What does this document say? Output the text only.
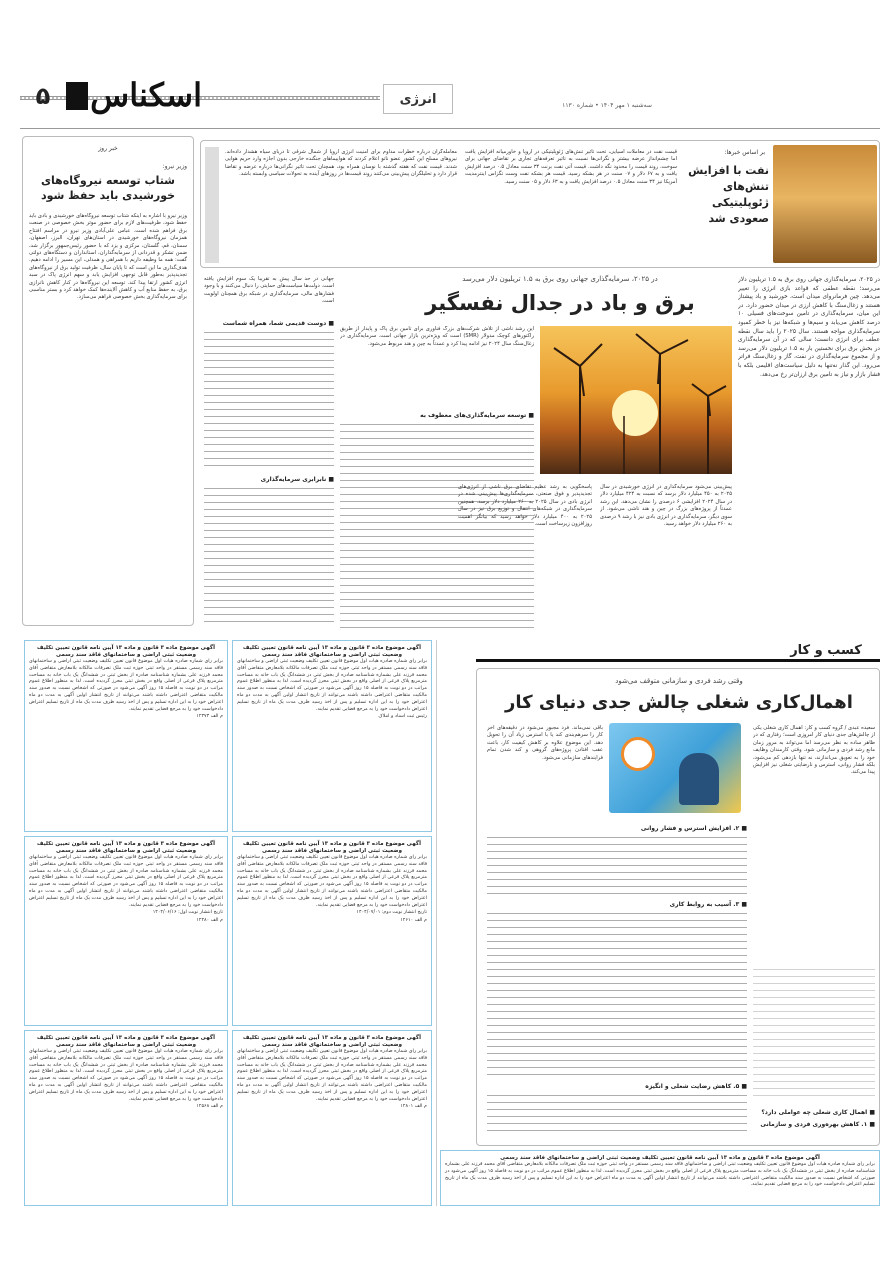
انرژی	سه‌شنبه ۱ مهر ۱۴۰۴ • شماره ۱۱۳۰
اسکناس
۵
خبر روز
وزیر نیرو:
شتاب توسعه نیروگاه‌های خورشیدی باید حفظ شود
وزیر نیرو با اشاره به اینکه شتاب توسعه نیروگاه‌های خورشیدی و بادی باید حفظ شود، ظرفیت‌های لازم برای حضور موثر بخش خصوصی در صنعت برق فراهم شده است. عباس علی‌آبادی وزیر نیرو در مراسم افتتاح همزمان نیروگاه‌های خورشیدی در استان‌های تهران، البرز، اصفهان، سمنان، قم، گلستان، مرکزی و یزد که با حضور رئیس‌جمهور برگزار شد، ضمن تشکر و قدردانی از سرمایه‌گذاران، استانداران و دستگاه‌های دولتی گفت: همه ما وظیفه داریم با همراهی و همدلی، این مسیر را ادامه دهیم. هدف‌گذاری ما این است که تا پایان سال، ظرفیت تولید برق از نیروگاه‌های تجدیدپذیر به‌طور قابل توجهی افزایش یابد و سهم انرژی پاک در سبد انرژی کشور ارتقا پیدا کند. توسعه این نیروگاه‌ها در کنار کاهش ناترازی برق، به حفظ منابع آب و کاهش آلاینده‌ها کمک خواهد کرد و بستر مناسبی برای سرمایه‌گذاری بخش خصوصی فراهم می‌سازد.
بر اساس خبرها:
نفت با افزایش تنش‌های ژئوپلیتیکی صعودی شد
قیمت نفت در معاملات آسیایی، تحت تاثیر تنش‌های ژئوپلیتیکی در اروپا و خاورمیانه افزایش یافت اما چشم‌انداز عرضه بیشتر و نگرانی‌ها نسبت به تاثیر تعرفه‌های تجاری بر تقاضای جهانی برای سوخت، روند قیمت را محدود نگه داشت. قیمت آتی نفت برنت ۳۴ سنت معادل ۰.۵ درصد افزایش یافت و به ۶۷ دلار و ۰۷ سنت در هر بشکه رسید. قیمت هر بشکه نفت وست تگزاس اینترمدیت آمریکا نیز ۳۴ سنت معادل ۰.۵ درصد افزایش یافت و به ۶۳ دلار و ۰۵ سنت رسید.
معامله‌گران درباره خطرات مداوم برای امنیت انرژی اروپا از شمال شرقی تا دریای سیاه هشدار داده‌اند. نیروهای مسلح این کشور عضو ناتو اعلام کردند که هواپیماهای جنگنده خارجی بدون اجازه وارد حریم هوایی شدند. قیمت نفت که هفته گذشته با نوسان همراه بود، همچنان تحت تاثیر نگرانی‌ها درباره عرضه و تقاضا قرار دارد و تحلیلگران پیش‌بینی می‌کنند روند قیمت‌ها در روزهای آینده به تحولات سیاسی وابسته باشد.
در ۲۰۲۵، سرمایه‌گذاری جهانی روی برق به ۱.۵ تریلیون دلار می‌رسد
برق و باد در جدال نفسگیر
در ۲۰۲۵، سرمایه‌گذاری جهانی روی برق به ۱.۵ تریلیون دلار می‌رسد؛ نقطه عطفی که قواعد بازی انرژی را تغییر می‌دهد. چین فرمانروای میدان است، خورشید و باد پیشتاز هستند و زغال‌سنگ با کاهش ارزی در میدان حضور دارد. در این میان، سرمایه‌گذاری در تامین سوخت‌های فسیلی ۱۰ درصد کاهش می‌یابد و سیم‌ها و شبکه‌ها نیز با خطر کمبود سرمایه‌گذاری مواجه هستند. سال ۲۰۲۵ را باید سال نقطه عطف برای انرژی دانست؛ سالی که در آن سرمایه‌گذاری در بخش برق برای نخستین بار به ۱.۵ تریلیون دلار می‌رسد و از مجموع سرمایه‌گذاری در نفت، گاز و زغال‌سنگ فراتر می‌رود. این گذار نه‌تنها به دلیل سیاست‌های اقلیمی بلکه با فشار بازار و نیاز به تامین برق ارزان‌تر رخ می‌دهد.
پیش‌بینی می‌شود سرمایه‌گذاری در انرژی خورشیدی در سال ۲۰۲۵ به ۴۵۰ میلیارد دلار برسد که نسبت به ۴۲۴ میلیارد دلار در سال ۲۰۲۴ افزایشی ۶ درصدی را نشان می‌دهد. این رشد عمدتاً از پروژه‌های بزرگ در چین و هند ناشی می‌شود. از سوی دیگر، سرمایه‌گذاری در انرژی بادی نیز با رشد ۹ درصدی به ۲۶۰ میلیارد دلار خواهد رسید.
پاسخگویی به رشد عظیم تقاضای برق ناشی از انرژی‌های تجدیدپذیر و فوق صنعتی، سرمایه‌گذاری‌ها پیش‌بینی شده در انرژی بادی در سال ۲۰۲۵ به ۲۶۰ میلیارد دلار برسد. همچنین سرمایه‌گذاری در شبکه‌های انتقال و توزیع برق نیز در سال ۲۰۲۵ به ۴۰۰ میلیارد دلار خواهد رسید که بیانگر اهمیت روزافزون زیرساخت است.
این رشد ناشی از تلاش شرکت‌های بزرگ فناوری برای تامین برق پاک و پایدار از طریق راکتورهای کوچک مدولار (SMR) است که ویژه‌ترین بازار جهانی است. سرمایه‌گذاری در زغال‌سنگ سال ۲۰۲۴ نیز ادامه پیدا کرد و عمدتاً به چین و هند مربوط می‌شود.
■ توسعه سرمایه‌گذاری‌های معطوف به
جهانی در حد سال پیش به تقریباً یک سوم افزایش یافته است. دولت‌ها سیاست‌های حمایتی را دنبال می‌کنند و با وجود فشارهای مالی، سرمایه‌گذاری در شبکه برق همچنان اولویت است.
■ دوست قدیمی شما، همراه شماست
■ نابرابری سرمایه‌گذاری
کسب و کار
وقتی رشد فردی و سازمانی متوقف می‌شود
اهمال‌کاری شغلی چالش جدی دنیای کار
سعیده عبدی / گروه کسب و کار: اهمال کاری شغلی یکی از چالش‌های جدی دنیای کار امروزی است؛ رفتاری که در ظاهر ساده به نظر می‌رسد اما می‌تواند به مرور زمان مانع رشد فردی و سازمانی شود. وقتی کارمندان وظایف خود را به تعویق می‌اندازند، نه تنها بازدهی کم می‌شود، بلکه فشار روانی، استرس و نارضایتی شغلی نیز افزایش پیدا می‌کند.
■ اهمال کاری شغلی چه عواملی دارد؟
■ ۱. کاهش بهره‌وری فردی و سازمانی
باقی نمی‌ماند. فرد مجبور می‌شود در دقیقه‌های آخر کار را سرهم‌بندی کند یا با استرس زیاد آن را تحویل دهد. این موضوع علاوه بر کاهش کیفیت کار، باعث عقب افتادن پروژه‌های گروهی و کند شدن تمام فرایندهای سازمانی می‌شود.
■ ۲. افزایش استرس و فشار روانی
■ ۳. آسیب به روابط کاری
■ ۵. کاهش رضایت شغلی و انگیزه
آگهی موضوع ماده ۳ قانون و ماده ۱۳ آیین نامه قانون تعیین تکلیف وضعیت ثبتی اراضی و ساختمانهای فاقد سند رسمی
برابر رای شماره صادره هیات اول موضوع قانون تعیین تکلیف وضعیت ثبتی اراضی و ساختمانهای فاقد سند رسمی مستقر در واحد ثبتی حوزه ثبت ملک تصرفات مالکانه بلامعارض متقاضی آقای محمد فرزند علی بشماره شناسنامه صادره از بخش ثبتی در ششدانگ یک باب خانه به مساحت مترمربع پلاک فرعی از اصلی واقع در بخش ثبتی محرز گردیده است. لذا به منظور اطلاع عموم مراتب در دو نوبت به فاصله ۱۵ روز آگهی می‌شود در صورتی که اشخاص نسبت به صدور سند مالکیت متقاضی اعتراضی داشته باشند می‌توانند از تاریخ انتشار اولین آگهی به مدت دو ماه اعتراض خود را به این اداره تسلیم و پس از اخذ رسید ظرف مدت یک ماه از تاریخ تسلیم اعتراض دادخواست خود را به مرجع قضایی تقدیم نمایند.
م الف ۱۲۳۷۳
آگهی موضوع ماده ۳ قانون و ماده ۱۳ آیین نامه قانون تعیین تکلیف وضعیت ثبتی اراضی و ساختمانهای فاقد سند رسمی
برابر رای شماره صادره هیات اول موضوع قانون تعیین تکلیف وضعیت ثبتی اراضی و ساختمانهای فاقد سند رسمی مستقر در واحد ثبتی حوزه ثبت ملک تصرفات مالکانه بلامعارض متقاضی آقای محمد فرزند علی بشماره شناسنامه صادره از بخش ثبتی در ششدانگ یک باب خانه به مساحت مترمربع پلاک فرعی از اصلی واقع در بخش ثبتی محرز گردیده است. لذا به منظور اطلاع عموم مراتب در دو نوبت به فاصله ۱۵ روز آگهی می‌شود در صورتی که اشخاص نسبت به صدور سند مالکیت متقاضی اعتراضی داشته باشند می‌توانند از تاریخ انتشار اولین آگهی به مدت دو ماه اعتراض خود را به این اداره تسلیم و پس از اخذ رسید ظرف مدت یک ماه از تاریخ تسلیم اعتراض دادخواست خود را به مرجع قضایی تقدیم نمایند.
رئیس ثبت اسناد و املاک
آگهی موضوع ماده ۳ قانون و ماده ۱۳ آیین نامه قانون تعیین تکلیف وضعیت ثبتی اراضی و ساختمانهای فاقد سند رسمی
برابر رای شماره صادره هیات اول موضوع قانون تعیین تکلیف وضعیت ثبتی اراضی و ساختمانهای فاقد سند رسمی مستقر در واحد ثبتی حوزه ثبت ملک تصرفات مالکانه بلامعارض متقاضی آقای محمد فرزند علی بشماره شناسنامه صادره از بخش ثبتی در ششدانگ یک باب خانه به مساحت مترمربع پلاک فرعی از اصلی واقع در بخش ثبتی محرز گردیده است. لذا به منظور اطلاع عموم مراتب در دو نوبت به فاصله ۱۵ روز آگهی می‌شود در صورتی که اشخاص نسبت به صدور سند مالکیت متقاضی اعتراضی داشته باشند می‌توانند از تاریخ انتشار اولین آگهی به مدت دو ماه اعتراض خود را به این اداره تسلیم و پس از اخذ رسید ظرف مدت یک ماه از تاریخ تسلیم اعتراض دادخواست خود را به مرجع قضایی تقدیم نمایند.
تاریخ انتشار نوبت اول: ۱۴۰۴/۰۶/۱۶
م الف ۱۲۴۸۰
آگهی موضوع ماده ۳ قانون و ماده ۱۳ آیین نامه قانون تعیین تکلیف وضعیت ثبتی اراضی و ساختمانهای فاقد سند رسمی
برابر رای شماره صادره هیات اول موضوع قانون تعیین تکلیف وضعیت ثبتی اراضی و ساختمانهای فاقد سند رسمی مستقر در واحد ثبتی حوزه ثبت ملک تصرفات مالکانه بلامعارض متقاضی آقای محمد فرزند علی بشماره شناسنامه صادره از بخش ثبتی در ششدانگ یک باب خانه به مساحت مترمربع پلاک فرعی از اصلی واقع در بخش ثبتی محرز گردیده است. لذا به منظور اطلاع عموم مراتب در دو نوبت به فاصله ۱۵ روز آگهی می‌شود در صورتی که اشخاص نسبت به صدور سند مالکیت متقاضی اعتراضی داشته باشند می‌توانند از تاریخ انتشار اولین آگهی به مدت دو ماه اعتراض خود را به این اداره تسلیم و پس از اخذ رسید ظرف مدت یک ماه از تاریخ تسلیم اعتراض دادخواست خود را به مرجع قضایی تقدیم نمایند.
تاریخ انتشار نوبت دوم: ۱۴۰۴/۰۷/۰۱
م الف ۱۲۶۱۰
آگهی موضوع ماده ۳ قانون و ماده ۱۳ آیین نامه قانون تعیین تکلیف وضعیت ثبتی اراضی و ساختمانهای فاقد سند رسمی
برابر رای شماره صادره هیات اول موضوع قانون تعیین تکلیف وضعیت ثبتی اراضی و ساختمانهای فاقد سند رسمی مستقر در واحد ثبتی حوزه ثبت ملک تصرفات مالکانه بلامعارض متقاضی آقای محمد فرزند علی بشماره شناسنامه صادره از بخش ثبتی در ششدانگ یک باب خانه به مساحت مترمربع پلاک فرعی از اصلی واقع در بخش ثبتی محرز گردیده است. لذا به منظور اطلاع عموم مراتب در دو نوبت به فاصله ۱۵ روز آگهی می‌شود در صورتی که اشخاص نسبت به صدور سند مالکیت متقاضی اعتراضی داشته باشند می‌توانند از تاریخ انتشار اولین آگهی به مدت دو ماه اعتراض خود را به این اداره تسلیم و پس از اخذ رسید ظرف مدت یک ماه از تاریخ تسلیم اعتراض دادخواست خود را به مرجع قضایی تقدیم نمایند.
م الف ۱۲۵۶۸
آگهی موضوع ماده ۳ قانون و ماده ۱۳ آیین نامه قانون تعیین تکلیف وضعیت ثبتی اراضی و ساختمانهای فاقد سند رسمی
برابر رای شماره صادره هیات اول موضوع قانون تعیین تکلیف وضعیت ثبتی اراضی و ساختمانهای فاقد سند رسمی مستقر در واحد ثبتی حوزه ثبت ملک تصرفات مالکانه بلامعارض متقاضی آقای محمد فرزند علی بشماره شناسنامه صادره از بخش ثبتی در ششدانگ یک باب خانه به مساحت مترمربع پلاک فرعی از اصلی واقع در بخش ثبتی محرز گردیده است. لذا به منظور اطلاع عموم مراتب در دو نوبت به فاصله ۱۵ روز آگهی می‌شود در صورتی که اشخاص نسبت به صدور سند مالکیت متقاضی اعتراضی داشته باشند می‌توانند از تاریخ انتشار اولین آگهی به مدت دو ماه اعتراض خود را به این اداره تسلیم و پس از اخذ رسید ظرف مدت یک ماه از تاریخ تسلیم اعتراض دادخواست خود را به مرجع قضایی تقدیم نمایند.
م الف ۱۲۸۰۱
آگهی موضوع ماده ۳ قانون و ماده ۱۳ آیین نامه قانون تعیین تکلیف وضعیت ثبتی اراضی و ساختمانهای فاقد سند رسمی
برابر رای شماره صادره هیات اول موضوع قانون تعیین تکلیف وضعیت ثبتی اراضی و ساختمانهای فاقد سند رسمی مستقر در واحد ثبتی حوزه ثبت ملک تصرفات مالکانه بلامعارض متقاضی آقای محمد فرزند علی بشماره شناسنامه صادره از بخش ثبتی در ششدانگ یک باب خانه به مساحت مترمربع پلاک فرعی از اصلی واقع در بخش ثبتی محرز گردیده است. لذا به منظور اطلاع عموم مراتب در دو نوبت به فاصله ۱۵ روز آگهی می‌شود در صورتی که اشخاص نسبت به صدور سند مالکیت متقاضی اعتراضی داشته باشند می‌توانند از تاریخ انتشار اولین آگهی به مدت دو ماه اعتراض خود را به این اداره تسلیم و پس از اخذ رسید ظرف مدت یک ماه از تاریخ تسلیم اعتراض دادخواست خود را به مرجع قضایی تقدیم نمایند.
